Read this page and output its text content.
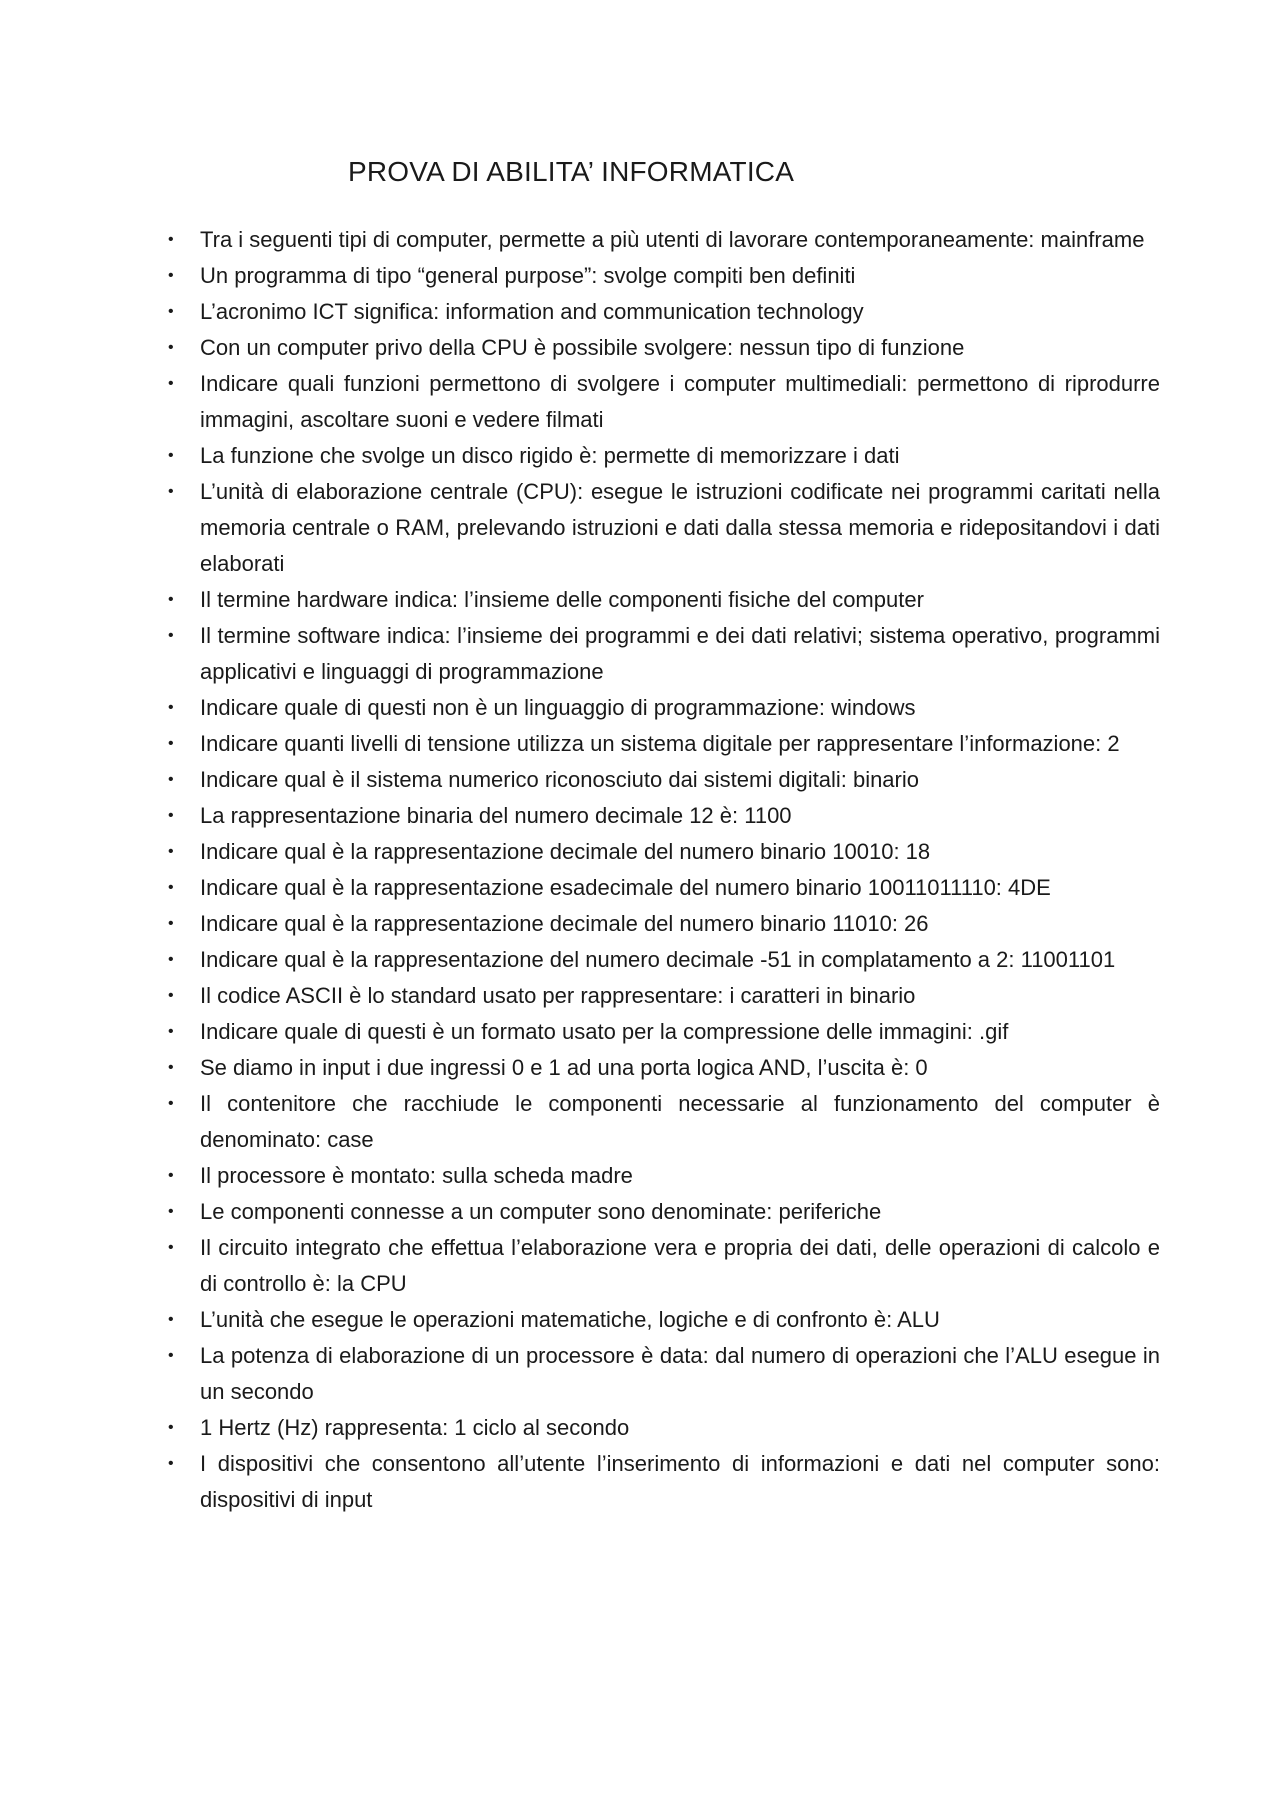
PROVA DI ABILITA’ INFORMATICA
• Tra i seguenti tipi di computer, permette a più utenti di lavorare contemporaneamente: mainframe
• Un programma di tipo “general purpose”: svolge compiti ben definiti
• L’acronimo ICT significa: information and communication technology
• Con un computer privo della CPU è possibile svolgere: nessun tipo di funzione
• Indicare quali funzioni permettono di svolgere i computer multimediali: permettono di riprodurre immagini, ascoltare suoni e vedere filmati
• La funzione che svolge un disco rigido è: permette di memorizzare i dati
• L’unità di elaborazione centrale (CPU): esegue le istruzioni codificate nei programmi caritati nella memoria centrale o RAM, prelevando istruzioni e dati dalla stessa memoria e ridepositandovi i dati elaborati
• Il termine hardware indica: l’insieme delle componenti fisiche del computer
• Il termine software indica: l’insieme dei programmi e dei dati relativi; sistema operativo, programmi applicativi e linguaggi di programmazione
• Indicare quale di questi non è un linguaggio di programmazione: windows
• Indicare quanti livelli di tensione utilizza un sistema digitale per rappresentare l’informazione: 2
• Indicare qual è il sistema numerico riconosciuto dai sistemi digitali: binario
• La rappresentazione binaria del numero decimale 12 è: 1100
• Indicare qual è la rappresentazione decimale del numero binario 10010: 18
• Indicare qual è la rappresentazione esadecimale del numero binario 10011011110: 4DE
• Indicare qual è la rappresentazione decimale del numero binario 11010: 26
• Indicare qual è la rappresentazione del numero decimale -51 in complatamento a 2: 11001101
• Il codice ASCII è lo standard usato per rappresentare: i caratteri in binario
• Indicare quale di questi è un formato usato per la compressione delle immagini: .gif
• Se diamo in input i due ingressi 0 e 1 ad una porta logica AND, l’uscita è: 0
• Il contenitore che racchiude le componenti necessarie al funzionamento del computer è denominato: case
• Il processore è montato: sulla scheda madre
• Le componenti connesse a un computer sono denominate: periferiche
• Il circuito integrato che effettua l’elaborazione vera e propria dei dati, delle operazioni di calcolo e di controllo è: la CPU
• L’unità che esegue le operazioni matematiche, logiche e di confronto è: ALU
• La potenza di elaborazione di un processore è data: dal numero di operazioni che l’ALU esegue in un secondo
• 1 Hertz (Hz) rappresenta: 1 ciclo al secondo
• I dispositivi che consentono all’utente l’inserimento di informazioni e dati nel computer sono: dispositivi di input
